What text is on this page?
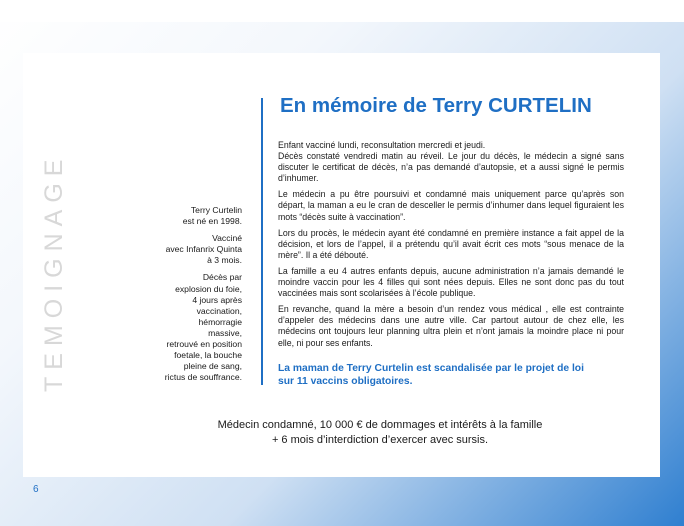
TEMOIGNAGE	Terry Curtelin
est né en 1998.

Vacciné
avec Infanrix Quinta
à 3 mois.

Décès par
explosion du foie,
4 jours après
vaccination,
hémorragie
massive,
retrouvé en position
foetale, la bouche
pleine de sang,
rictus de souffrance.

En mémoire de Terry CURTELIN

Enfant vacciné lundi, reconsultation mercredi et jeudi.
Décès constaté vendredi matin au réveil. Le jour du décès, le médecin a signé sans discuter le certificat de décès, n’a pas demandé d’autopsie, et a aussi signé le permis d’inhumer.

Le médecin a pu être poursuivi et condamné mais uniquement parce qu’après son départ, la maman a eu le cran de desceller le permis d’inhumer dans lequel figuraient les mots “décès suite à vaccination”.

Lors du procès, le médecin ayant été condamné en première instance a fait appel de la décision, et lors de l’appel, il a prétendu qu’il avait écrit ces mots “sous menace de la mère”. Il a été débouté.

La famille a eu 4 autres enfants depuis, aucune administration n’a jamais demandé le moindre vaccin pour les 4 filles qui sont nées depuis. Elles ne sont donc pas du tout vaccinées mais sont scolarisées à l’école publique.

En revanche, quand la mère a besoin d’un rendez vous médical , elle est contrainte d’appeler des médecins dans une autre ville. Car partout autour de chez elle, les médecins ont toujours leur planning ultra plein et n’ont jamais la moindre place ni pour elle, ni pour ses enfants.

La maman de Terry Curtelin est scandalisée par le projet de loi
sur 11 vaccins obligatoires.
Médecin condamné, 10 000 € de dommages et intérêts à la famille
+ 6 mois d’interdiction d’exercer avec sursis.
6
